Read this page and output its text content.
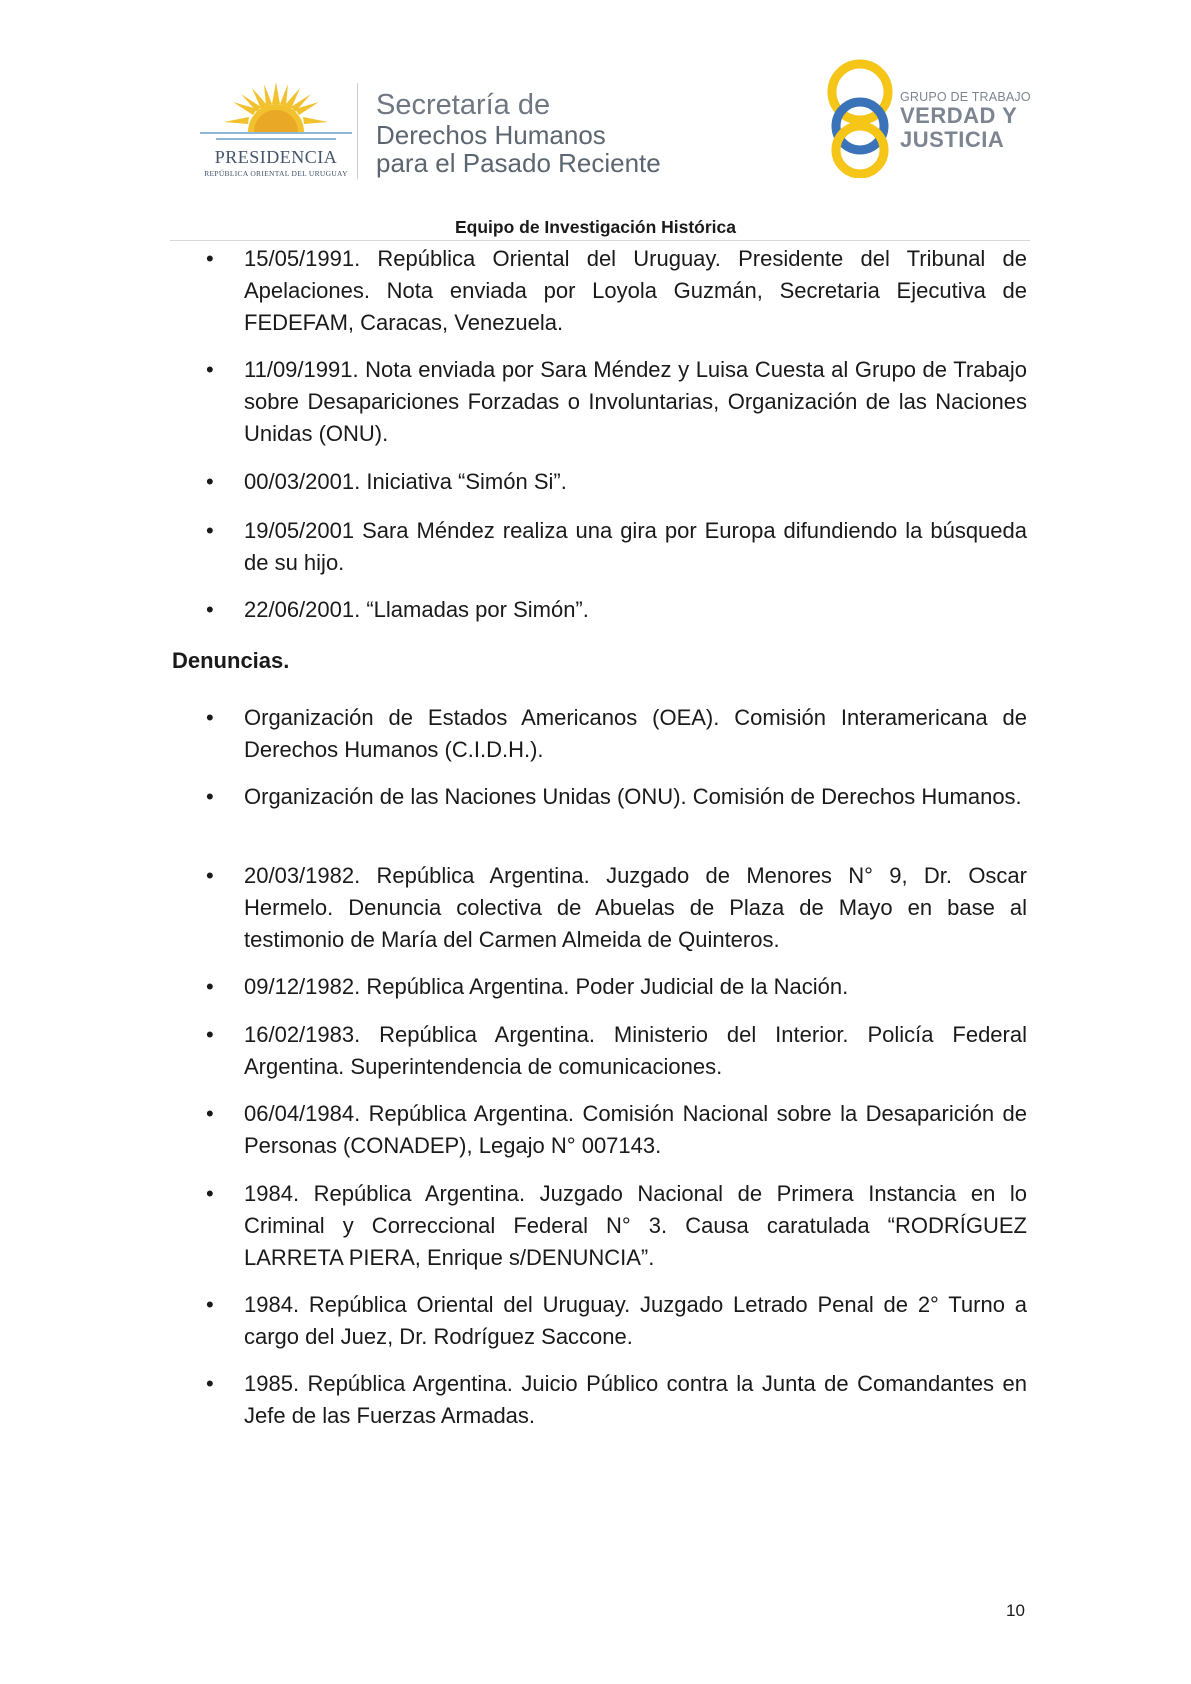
PRESIDENCIA
REPÚBLICA ORIENTAL DEL URUGUAY
Secretaría de
Derechos Humanos
para el Pasado Reciente
GRUPO DE TRABAJO
VERDAD Y
JUSTICIA
Equipo de Investigación Histórica
• 15/05/1991. República Oriental del Uruguay. Presidente del Tribunal de Apelaciones. Nota enviada por Loyola Guzmán, Secretaria Ejecutiva de FEDEFAM, Caracas, Venezuela.
• 11/09/1991. Nota enviada por Sara Méndez y Luisa Cuesta al Grupo de Trabajo sobre Desapariciones Forzadas o Involuntarias, Organización de las Naciones Unidas (ONU).
• 00/03/2001. Iniciativa “Simón Si”.
• 19/05/2001 Sara Méndez realiza una gira por Europa difundiendo la búsqueda de su hijo.
• 22/06/2001. “Llamadas por Simón”.
Denuncias.
• Organización de Estados Americanos (OEA). Comisión Interamericana de Derechos Humanos (C.I.D.H.).
• Organización de las Naciones Unidas (ONU). Comisión de Derechos Humanos.
• 20/03/1982. República Argentina. Juzgado de Menores N° 9, Dr. Oscar Hermelo. Denuncia colectiva de Abuelas de Plaza de Mayo en base al testimonio de María del Carmen Almeida de Quinteros.
• 09/12/1982. República Argentina. Poder Judicial de la Nación.
• 16/02/1983. República Argentina. Ministerio del Interior. Policía Federal Argentina. Superintendencia de comunicaciones.
• 06/04/1984. República Argentina. Comisión Nacional sobre la Desaparición de Personas (CONADEP), Legajo N° 007143.
• 1984. República Argentina. Juzgado Nacional de Primera Instancia en lo Criminal y Correccional Federal N° 3. Causa caratulada “RODRÍGUEZ LARRETA PIERA, Enrique s/DENUNCIA”.
• 1984. República Oriental del Uruguay. Juzgado Letrado Penal de 2° Turno a cargo del Juez, Dr. Rodríguez Saccone.
• 1985. República Argentina. Juicio Público contra la Junta de Comandantes en Jefe de las Fuerzas Armadas.
10
